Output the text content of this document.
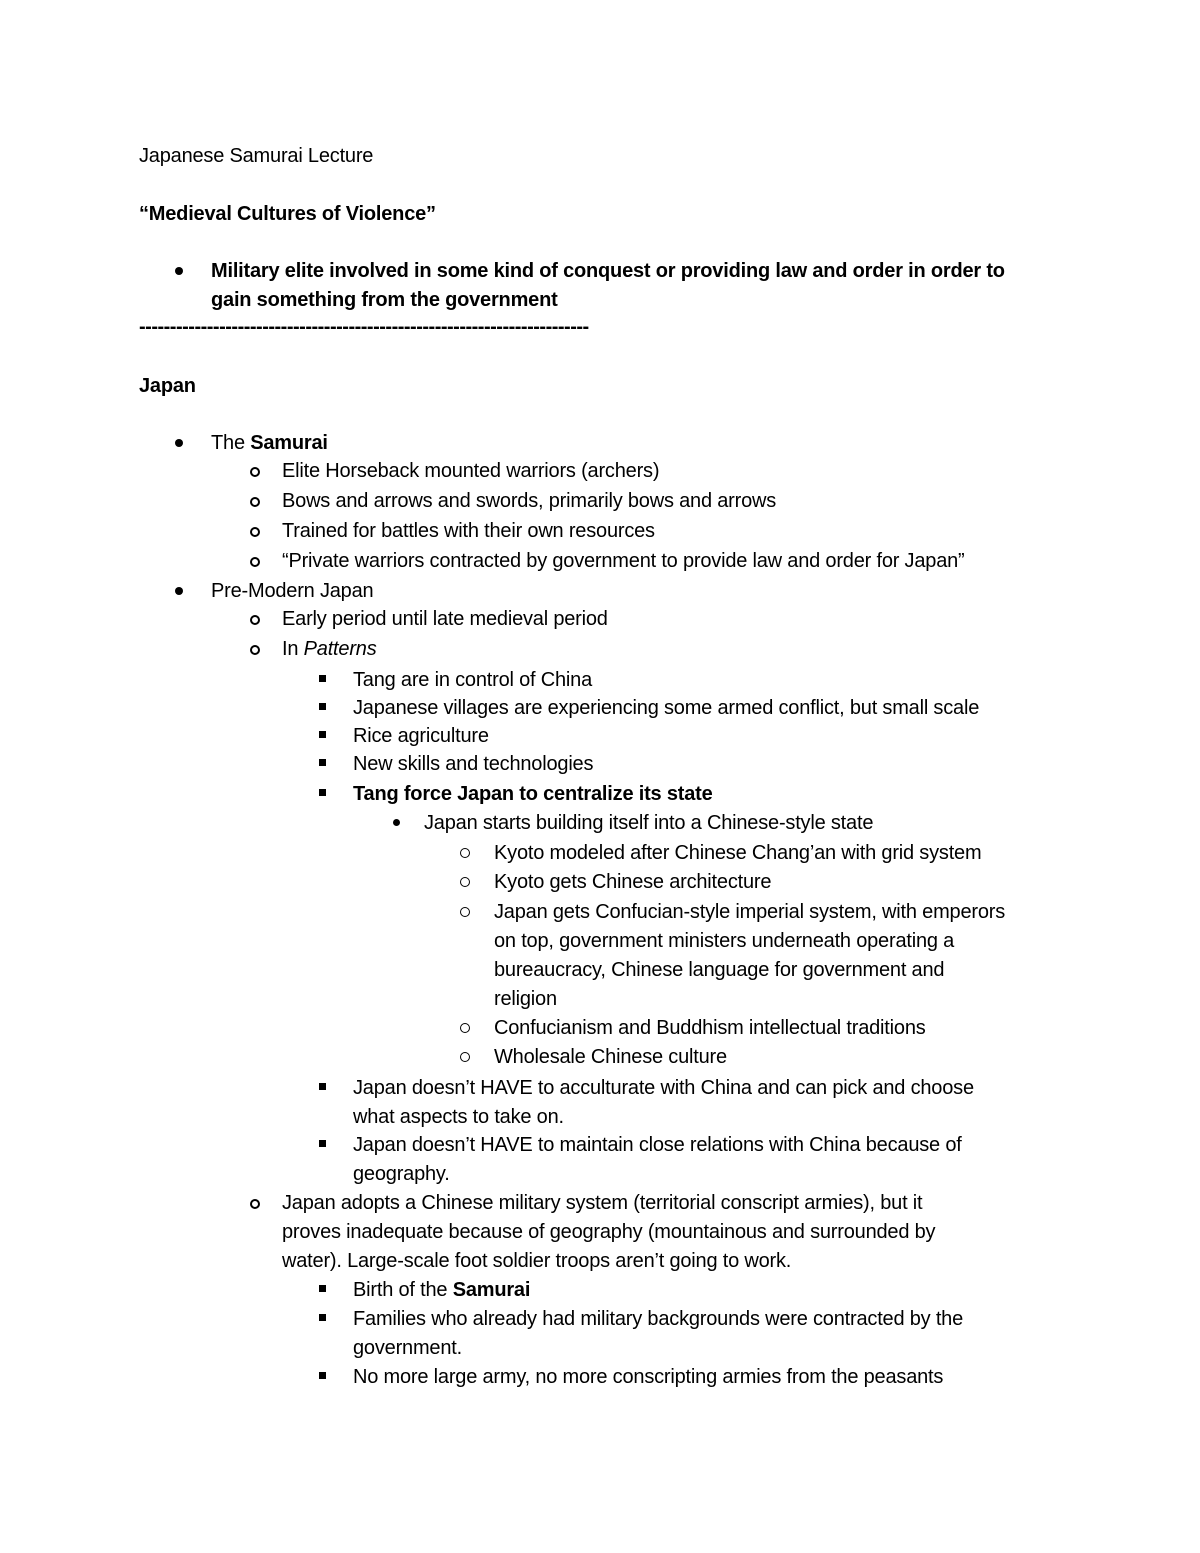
Japanese Samurai Lecture
“Medieval Cultures of Violence”
Military elite involved in some kind of conquest or providing law and order in order to
gain something from the government
-------------------------------------------------------------------------
Japan
The Samurai
Elite Horseback mounted warriors (archers)
Bows and arrows and swords, primarily bows and arrows
Trained for battles with their own resources
“Private warriors contracted by government to provide law and order for Japan”
Pre-Modern Japan
Early period until late medieval period
In Patterns
Tang are in control of China
Japanese villages are experiencing some armed conflict, but small scale
Rice agriculture
New skills and technologies
Tang force Japan to centralize its state
Japan starts building itself into a Chinese-style state
Kyoto modeled after Chinese Chang’an with grid system
Kyoto gets Chinese architecture
Japan gets Confucian-style imperial system, with emperors
on top, government ministers underneath operating a
bureaucracy, Chinese language for government and
religion
Confucianism and Buddhism intellectual traditions
Wholesale Chinese culture
Japan doesn’t HAVE to acculturate with China and can pick and choose
what aspects to take on.
Japan doesn’t HAVE to maintain close relations with China because of
geography.
Japan adopts a Chinese military system (territorial conscript armies), but it
proves inadequate because of geography (mountainous and surrounded by
water). Large-scale foot soldier troops aren’t going to work.
Birth of the Samurai
Families who already had military backgrounds were contracted by the
government.
No more large army, no more conscripting armies from the peasants
